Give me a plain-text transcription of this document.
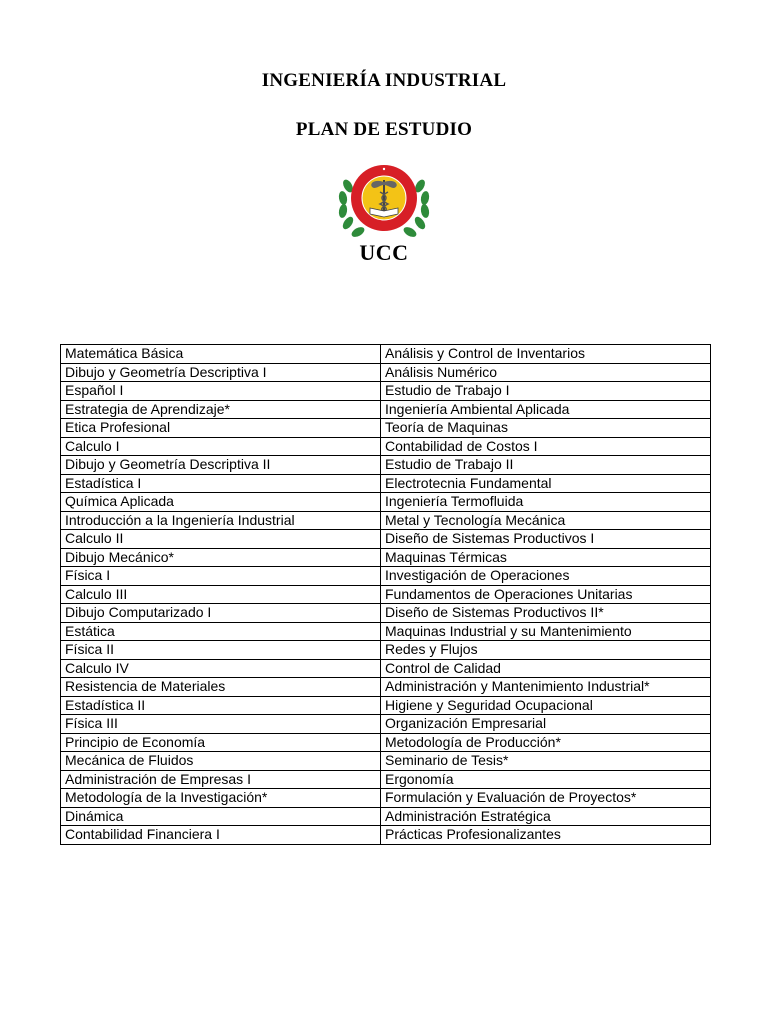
INGENIERÍA INDUSTRIAL
PLAN DE ESTUDIO
UCC
Matemática Básica	Análisis y Control de Inventarios
Dibujo y Geometría Descriptiva I	Análisis Numérico
Español I	Estudio de Trabajo I
Estrategia de Aprendizaje*	Ingeniería Ambiental Aplicada
Etica Profesional	Teoría de Maquinas
Calculo I	Contabilidad de Costos I
Dibujo y Geometría Descriptiva II	Estudio de Trabajo II
Estadística I	Electrotecnia Fundamental
Química Aplicada	Ingeniería Termofluida
Introducción a la Ingeniería Industrial	Metal y Tecnología Mecánica
Calculo II	Diseño de Sistemas Productivos I
Dibujo Mecánico*	Maquinas Térmicas
Física I	Investigación de Operaciones
Calculo III	Fundamentos de Operaciones Unitarias
Dibujo Computarizado I	Diseño de Sistemas Productivos II*
Estática	Maquinas Industrial y su Mantenimiento
Física II	Redes y Flujos
Calculo IV	Control de Calidad
Resistencia de Materiales	Administración y Mantenimiento Industrial*
Estadística II	Higiene y Seguridad Ocupacional
Física III	Organización Empresarial
Principio de Economía	Metodología de Producción*
Mecánica de Fluidos	Seminario de Tesis*
Administración de Empresas I	Ergonomía
Metodología de la Investigación*	Formulación y Evaluación de Proyectos*
Dinámica	Administración Estratégica
Contabilidad Financiera I	Prácticas Profesionalizantes
